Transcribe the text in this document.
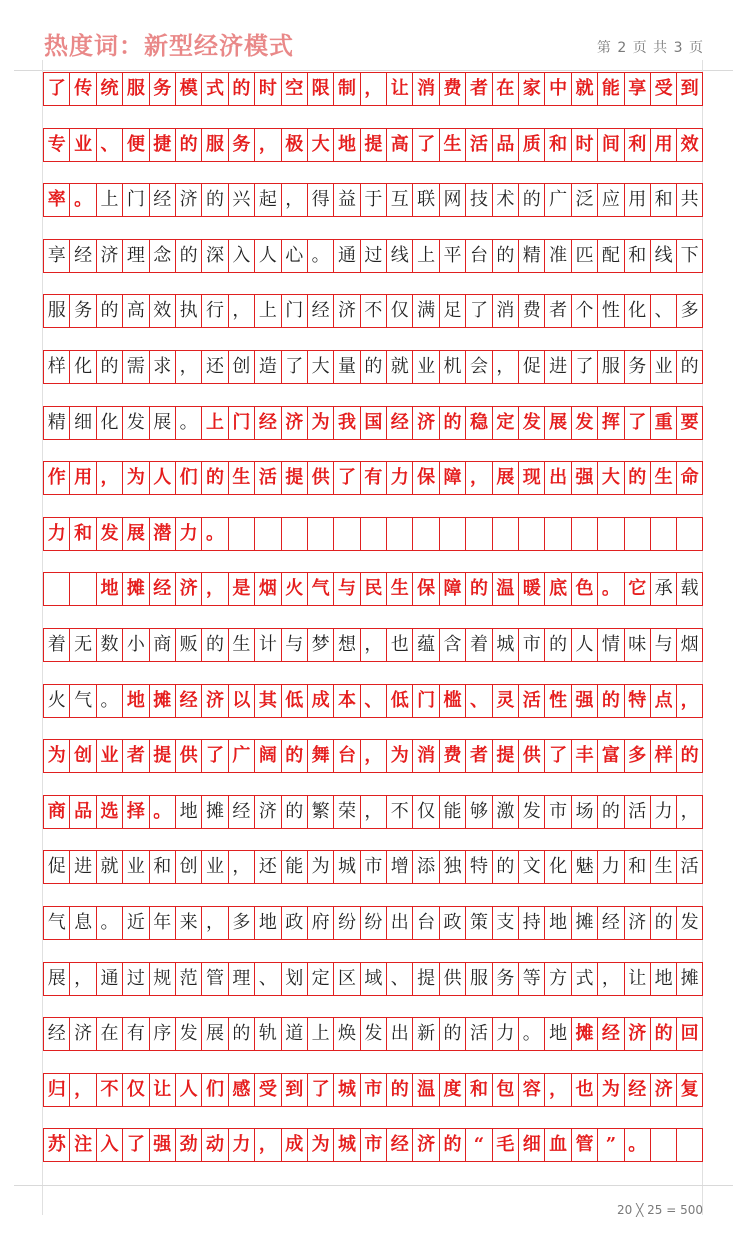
热度词：新型经济模式	第 2 页 共 3 页
了 传 统 服 务 模 式 的 时 空 限 制 ， 让 消 费 者 在 家 中 就 能 享 受 到
专 业 、 便 捷 的 服 务 ， 极 大 地 提 高 了 生 活 品 质 和 时 间 利 用 效
率 。 上 门 经 济 的 兴 起 ， 得 益 于 互 联 网 技 术 的 广 泛 应 用 和 共
享 经 济 理 念 的 深 入 人 心 。 通 过 线 上 平 台 的 精 准 匹 配 和 线 下
服 务 的 高 效 执 行 ， 上 门 经 济 不 仅 满 足 了 消 费 者 个 性 化 、 多
样 化 的 需 求 ， 还 创 造 了 大 量 的 就 业 机 会 ， 促 进 了 服 务 业 的
精 细 化 发 展 。 上 门 经 济 为 我 国 经 济 的 稳 定 发 展 发 挥 了 重 要
作 用 ， 为 人 们 的 生 活 提 供 了 有 力 保 障 ， 展 现 出 强 大 的 生 命
力 和 发 展 潜 力 。
地 摊 经 济 ， 是 烟 火 气 与 民 生 保 障 的 温 暖 底 色 。 它 承 载
着 无 数 小 商 贩 的 生 计 与 梦 想 ， 也 蕴 含 着 城 市 的 人 情 味 与 烟
火 气 。 地 摊 经 济 以 其 低 成 本 、 低 门 槛 、 灵 活 性 强 的 特 点 ，
为 创 业 者 提 供 了 广 阔 的 舞 台 ， 为 消 费 者 提 供 了 丰 富 多 样 的
商 品 选 择 。 地 摊 经 济 的 繁 荣 ， 不 仅 能 够 激 发 市 场 的 活 力 ，
促 进 就 业 和 创 业 ， 还 能 为 城 市 增 添 独 特 的 文 化 魅 力 和 生 活
气 息 。 近 年 来 ， 多 地 政 府 纷 纷 出 台 政 策 支 持 地 摊 经 济 的 发
展 ， 通 过 规 范 管 理 、 划 定 区 域 、 提 供 服 务 等 方 式 ， 让 地 摊
经 济 在 有 序 发 展 的 轨 道 上 焕 发 出 新 的 活 力 。 地 摊 经 济 的 回
归 ， 不 仅 让 人 们 感 受 到 了 城 市 的 温 度 和 包 容 ， 也 为 经 济 复
苏 注 入 了 强 劲 动 力 ， 成 为 城 市 经 济 的 “ 毛 细 血 管 ” 。
20 ╳ 25 = 500
